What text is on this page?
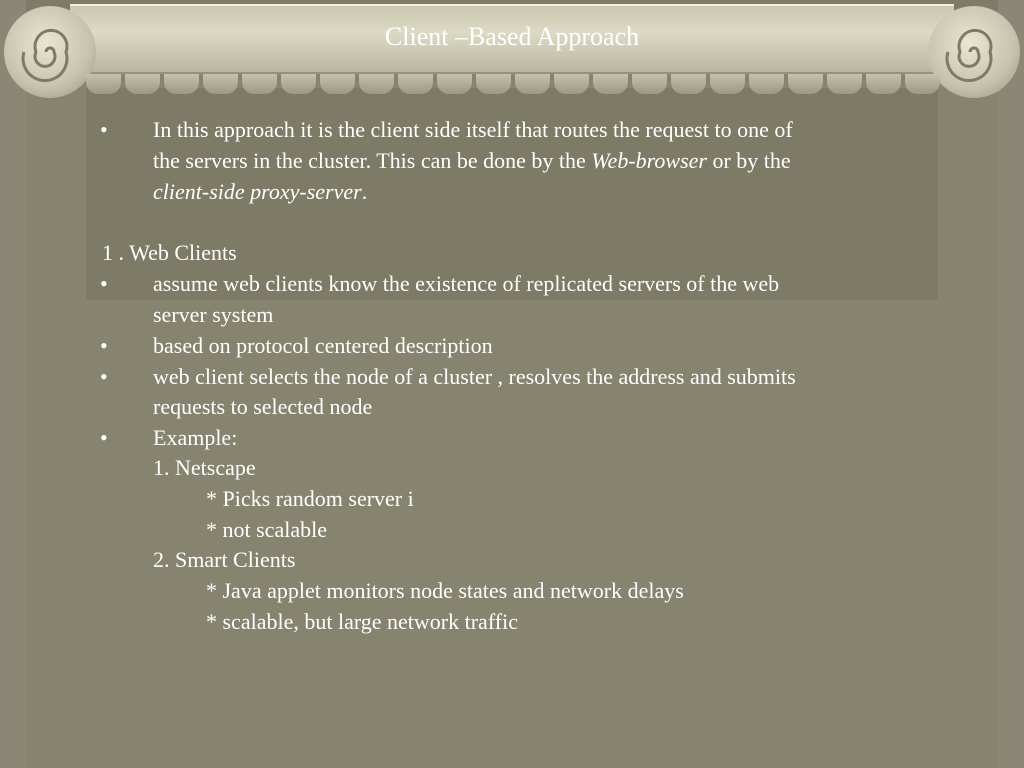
Client –Based Approach
• In this approach it is the client side itself that routes the request to one of
the servers in the cluster. This can be done by the Web-browser or by the
client-side proxy-server.
1 . Web Clients
• assume web clients know the existence of replicated servers of the web
server system
• based on protocol centered description
• web client selects the node of a cluster , resolves the address and submits
requests to selected node
• Example:
1. Netscape
* Picks random server i
* not scalable
2. Smart Clients
* Java applet monitors node states and network delays
* scalable, but large network traffic
